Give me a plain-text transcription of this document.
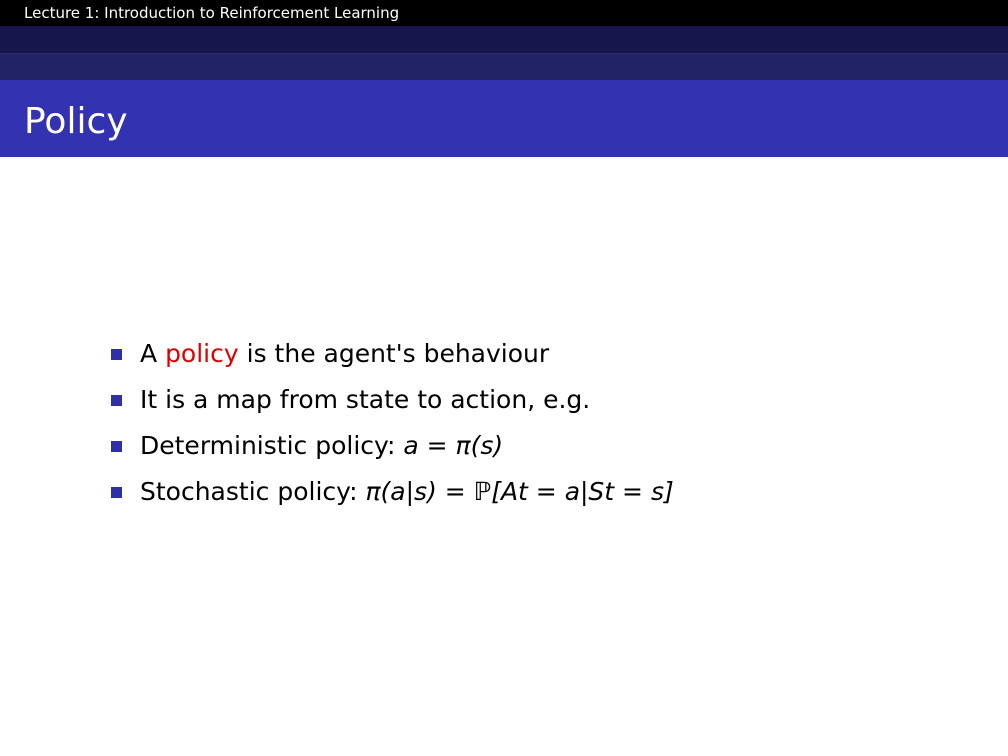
Lecture 1: Introduction to Reinforcement Learning
Policy
A policy is the agent's behaviour
It is a map from state to action, e.g.
Deterministic policy: a = π(s)
Stochastic policy: π(a|s) = ℙ[At = a|St = s]
